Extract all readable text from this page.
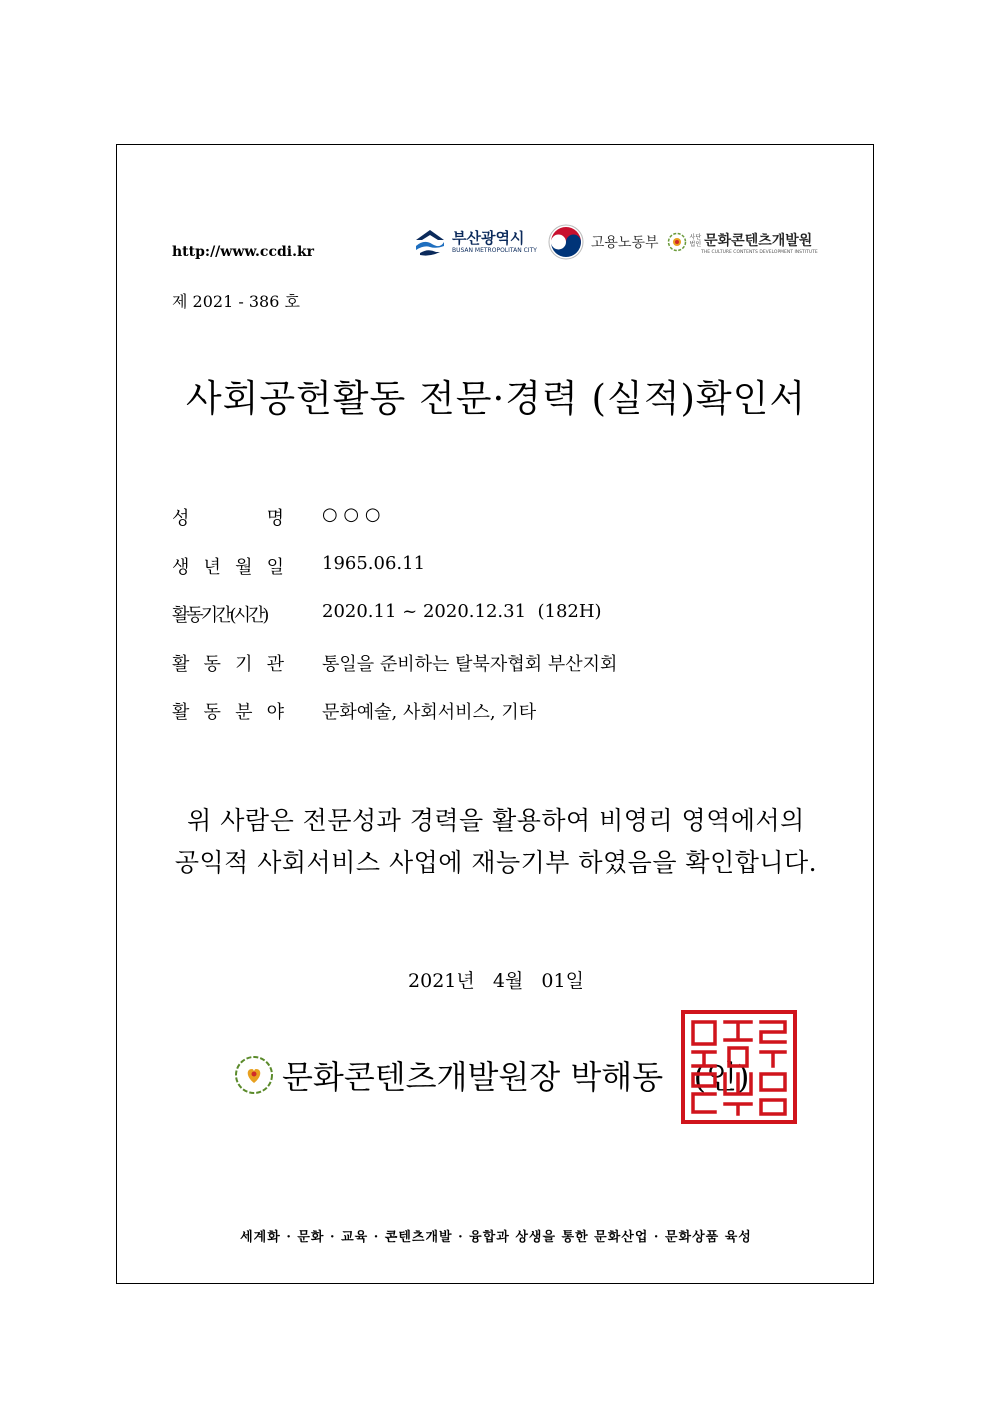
http://www.ccdi.kr
부산광역시
BUSAN METROPOLITAN CITY	고용노동부	사단
법인 문화콘텐츠개발원
THE CULTURE CONTENTS DEVELOPMENT INSTITUTE
제 2021 - 386 호
사회공헌활동 전문·경력 (실적)확인서
성	명 ○ ○ ○
생 년 월 일 1965.06.11
활동기간(시간)	2020.11 ~ 2020.12.31  (182H)
활 동 기 관 통일을 준비하는 탈북자협회 부산지회
활 동 분 야 문화예술, 사회서비스, 기타
위 사람은 전문성과 경력을 활용하여 비영리 영역에서의
공익적 사회서비스 사업에 재능기부 하였음을 확인합니다.
2021년   4월   01일
문화콘텐츠개발원장 박해동   (인)
세계화 · 문화 · 교육 · 콘텐츠개발 · 융합과 상생을 통한 문화산업 · 문화상품 육성
